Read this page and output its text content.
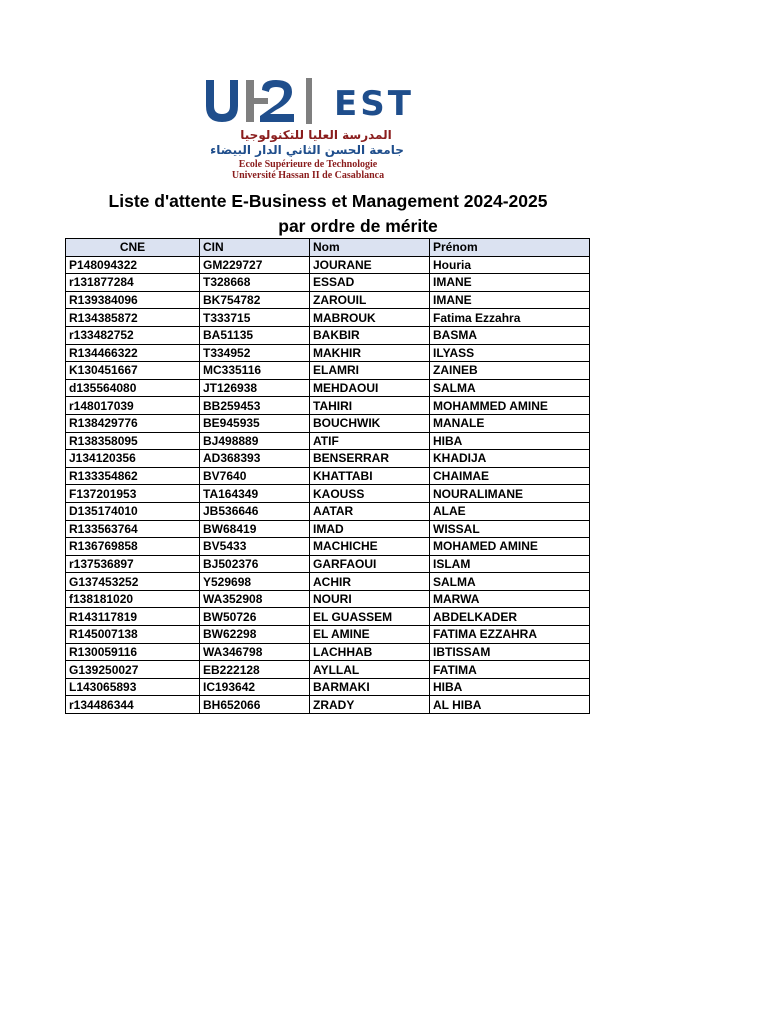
EST
المدرسة العليا للتكنولوجيا
جامعة الحسن الثاني الدار البيضاء
Ecole Supérieure de Technologie
Université Hassan II de Casablanca
Liste d'attente E-Business et Management 2024-2025
par ordre de mérite
CNE	CIN	Nom	Prénom
P148094322	GM229727	JOURANE	Houria
r131877284	T328668	ESSAD	IMANE
R139384096	BK754782	ZAROUIL	IMANE
R134385872	T333715	MABROUK	Fatima Ezzahra
r133482752	BA51135	BAKBIR	BASMA
R134466322	T334952	MAKHIR	ILYASS
K130451667	MC335116	ELAMRI	ZAINEB
d135564080	JT126938	MEHDAOUI	SALMA
r148017039	BB259453	TAHIRI	MOHAMMED AMINE
R138429776	BE945935	BOUCHWIK	MANALE
R138358095	BJ498889	ATIF	HIBA
J134120356	AD368393	BENSERRAR	KHADIJA
R133354862	BV7640	KHATTABI	CHAIMAE
F137201953	TA164349	KAOUSS	NOURALIMANE
D135174010	JB536646	AATAR	ALAE
R133563764	BW68419	IMAD	WISSAL
R136769858	BV5433	MACHICHE	MOHAMED AMINE
r137536897	BJ502376	GARFAOUI	ISLAM
G137453252	Y529698	ACHIR	SALMA
f138181020	WA352908	NOURI	MARWA
R143117819	BW50726	EL GUASSEM	ABDELKADER
R145007138	BW62298	EL AMINE	FATIMA EZZAHRA
R130059116	WA346798	LACHHAB	IBTISSAM
G139250027	EB222128	AYLLAL	FATIMA
L143065893	IC193642	BARMAKI	HIBA
r134486344	BH652066	ZRADY	AL HIBA
